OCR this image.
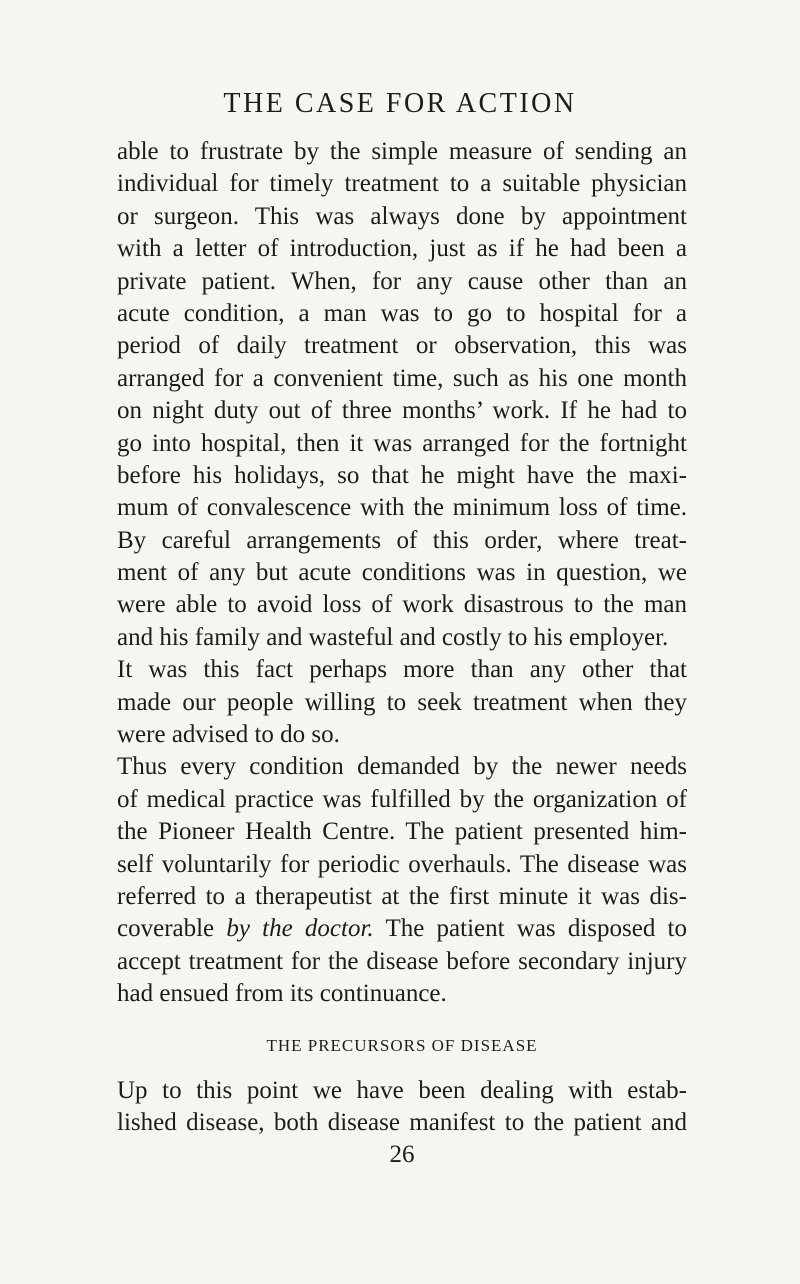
THE CASE FOR ACTION
able to frustrate by the simple measure of sending an
individual for timely treatment to a suitable physician
or surgeon. This was always done by appointment
with a letter of introduction, just as if he had been a
private patient. When, for any cause other than an
acute condition, a man was to go to hospital for a
period of daily treatment or observation, this was
arranged for a convenient time, such as his one month
on night duty out of three months’ work. If he had to
go into hospital, then it was arranged for the fortnight
before his holidays, so that he might have the maxi-
mum of convalescence with the minimum loss of time.
By careful arrangements of this order, where treat-
ment of any but acute conditions was in question, we
were able to avoid loss of work disastrous to the man
and his family and wasteful and costly to his employer.
It was this fact perhaps more than any other that
made our people willing to seek treatment when they
were advised to do so.
Thus every condition demanded by the newer needs
of medical practice was fulfilled by the organization of
the Pioneer Health Centre. The patient presented him-
self voluntarily for periodic overhauls. The disease was
referred to a therapeutist at the first minute it was dis-
coverable by the doctor. The patient was disposed to
accept treatment for the disease before secondary injury
had ensued from its continuance.
THE PRECURSORS OF DISEASE
Up to this point we have been dealing with estab-
lished disease, both disease manifest to the patient and
26
